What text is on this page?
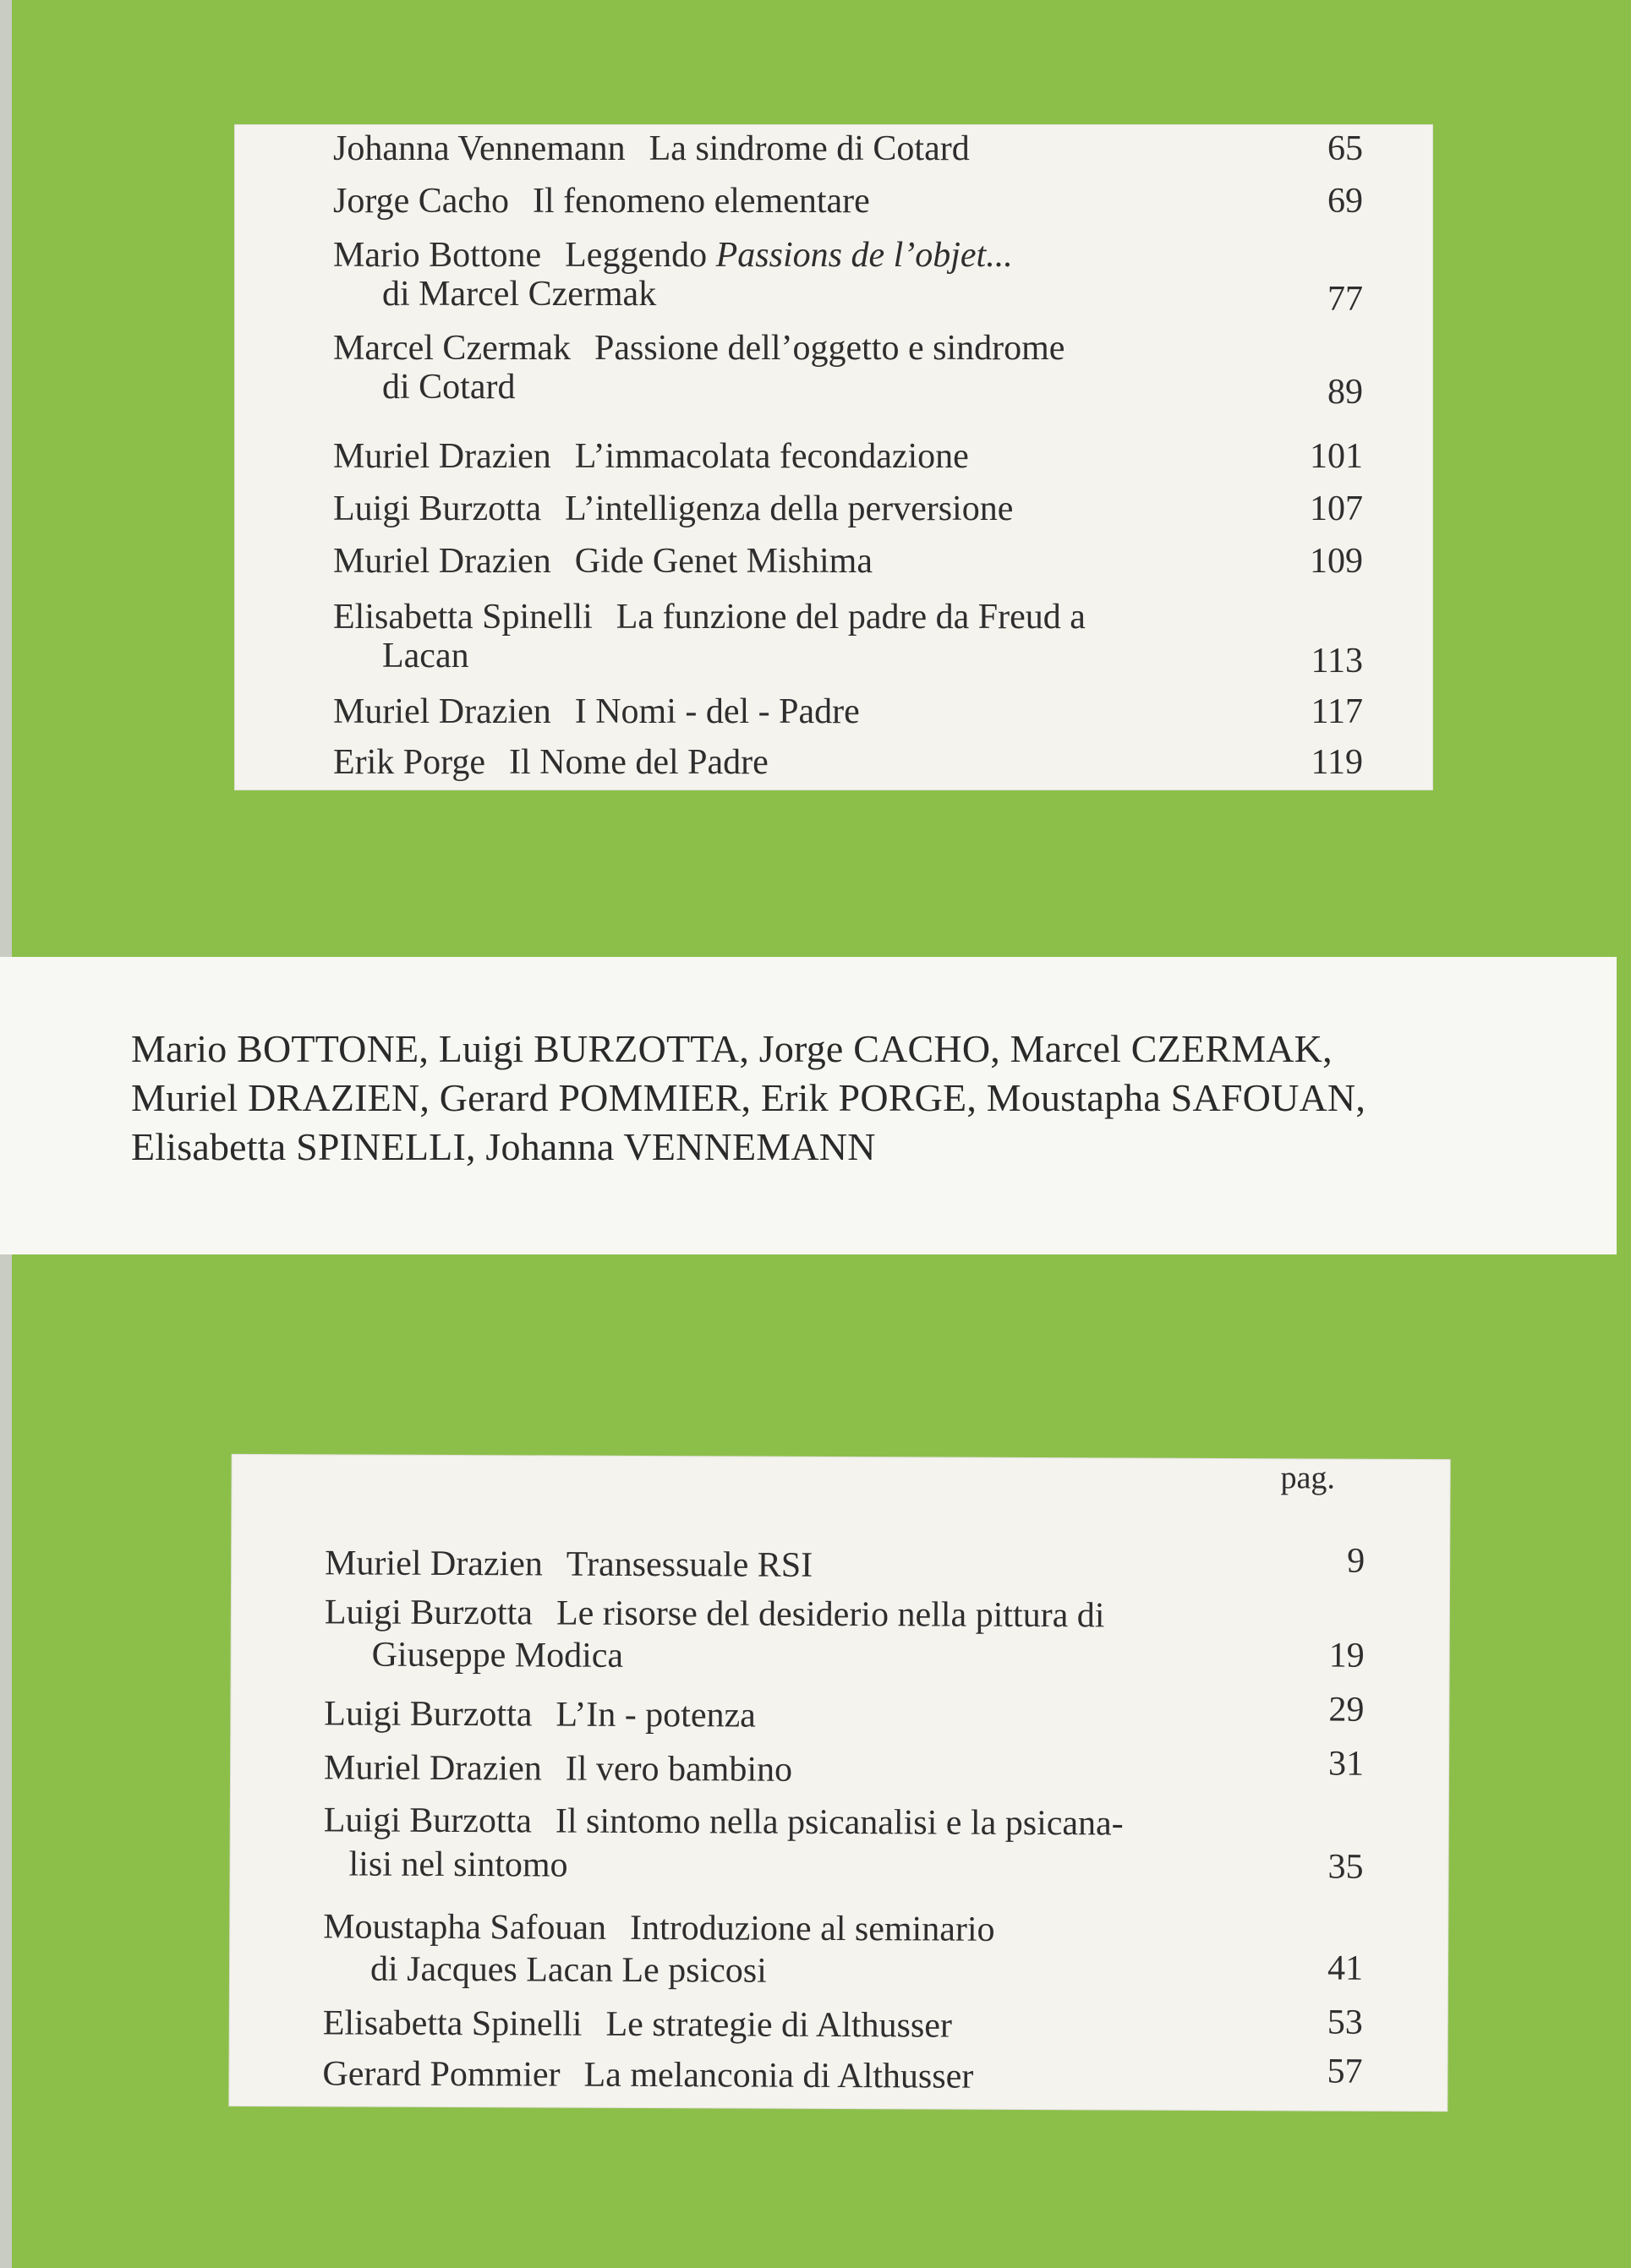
Johanna Vennemann La sindrome di Cotard	65
Jorge Cacho Il fenomeno elementare	69
Mario Bottone Leggendo Passions de l’objet...
di Marcel Czermak	77
Marcel Czermak Passione dell’oggetto e sindrome
di Cotard	89
Muriel Drazien L’immacolata fecondazione	101
Luigi Burzotta L’intelligenza della perversione	107
Muriel Drazien Gide Genet Mishima	109
Elisabetta Spinelli La funzione del padre da Freud a
Lacan	113
Muriel Drazien I Nomi - del - Padre	117
Erik Porge Il Nome del Padre	119
Mario BOTTONE, Luigi BURZOTTA, Jorge CACHO, Marcel CZERMAK,
Muriel DRAZIEN, Gerard POMMIER, Erik PORGE, Moustapha SAFOUAN,
Elisabetta SPINELLI, Johanna VENNEMANN
pag.
Muriel Drazien Transessuale RSI	9
Luigi Burzotta Le risorse del desiderio nella pittura di
Giuseppe Modica	19
Luigi Burzotta L’In - potenza	29
Muriel Drazien Il vero bambino	31
Luigi Burzotta Il sintomo nella psicanalisi e la psicana-
lisi nel sintomo	35
Moustapha Safouan Introduzione al seminario
di Jacques Lacan Le psicosi	41
Elisabetta Spinelli Le strategie di Althusser	53
Gerard Pommier La melanconia di Althusser	57
